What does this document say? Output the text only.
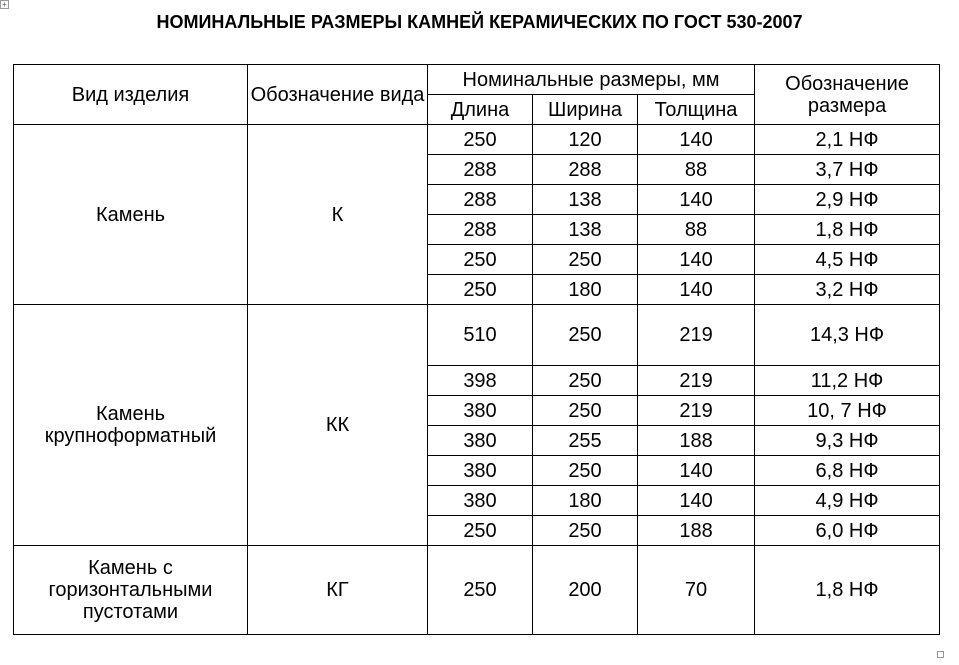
+
НОМИНАЛЬНЫЕ РАЗМЕРЫ КАМНЕЙ КЕРАМИЧЕСКИХ ПО ГОСТ 530-2007
Вид изделия	Обозначение вида	Номинальные размеры, мм			Обозначение размера
		Длина	Ширина	Толщина	
Камень	К	250	120	140	2,1 НФ
		288	288	88	3,7 НФ
		288	138	140	2,9 НФ
		288	138	88	1,8 НФ
		250	250	140	4,5 НФ
		250	180	140	3,2 НФ
Камень крупноформатный	КК	510	250	219	14,3 НФ
		398	250	219	11,2 НФ
		380	250	219	10, 7 НФ
		380	255	188	9,3 НФ
		380	250	140	6,8 НФ
		380	180	140	4,9 НФ
		250	250	188	6,0 НФ
Камень с горизонтальными пустотами	КГ	250	200	70	1,8 НФ
